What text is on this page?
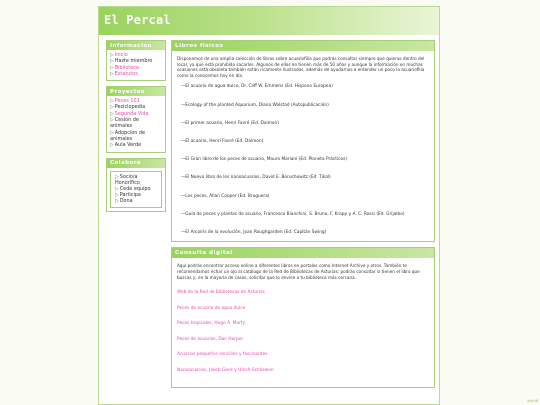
El Percal
Información
▷Inicio
▷Hazte miembro
▷Biblioteca
▷Estatutos
Proyectos
▷Peces 101
▷Peziclopedia
▷Segunda Vida
▷Cesión de animales
▷Adopción de animales
▷Aula Verde
Colabora
▷Socio/a Honorífico
▷Cede equipo
▷Participa
▷Dona
Libros físicos

Disponemos de una amplia colección de libros sobre acuariofilia que podrás consultar siempre que quieras dentro del local, ya que está prohibido sacarlos. Algunos de ellos en tienen más de 50 años y aunque la información en muchas ocasiones está obsoleta también están ricamente ilustrados, además de ayudarnos a entender un poco la acuariofilia como la conocemos hoy en día.

—El acuario de agua dulce, Dr. Cliff W. Emmens (Ed. Hispano Europea)

—Ecology of the planted Aquarium, Diana Walstad (Autopublicación)

—El primer acuario, Henri Favré (Ed. Daimon)

—El acuario, Henri Favré (Ed. Daimon)

—El Gran libro de los peces de acuario, Mauro Mariani (Ed. Planeta Prácticos)

—El Nuevo libro de los nanoacuarios, David E. Boruchowitz (Ed. Tikal)

—Los peces, Allan Cooper (Ed. Bruguera)

—Guía de peces y plantas de acuario, Francesco Bianchini, S. Bruno, F. Krapp y A. C. Rossi (Ed. Grijalbo)

—El Arcoíris de la evolución, Joan Roughgarden (Ed. Capitán Swing)

Consulta digital

Aquí podrás encontrar acceso online a diferentes libros en portales como Internet Archive y otros. También te recomendamos echar un ojo al catálogo de la Red de Bibliotecas de Asturias: podrás consultar si tienen el libro que buscas y, en la mayoría de casos, solicitar que lo envíen a tu biblioteca más cercana.

Web de la Red de Bibliotecas de Asturias
Peces de acuario de agua dulce
Peces tropicales, Hugo A. Marty
Peces de acuarios, Dan Harper
Acuarios pequeños sencillos y fascinantes
Nanoacuarios, Jakob Geck y Ulrich Schliewen
alkj98
